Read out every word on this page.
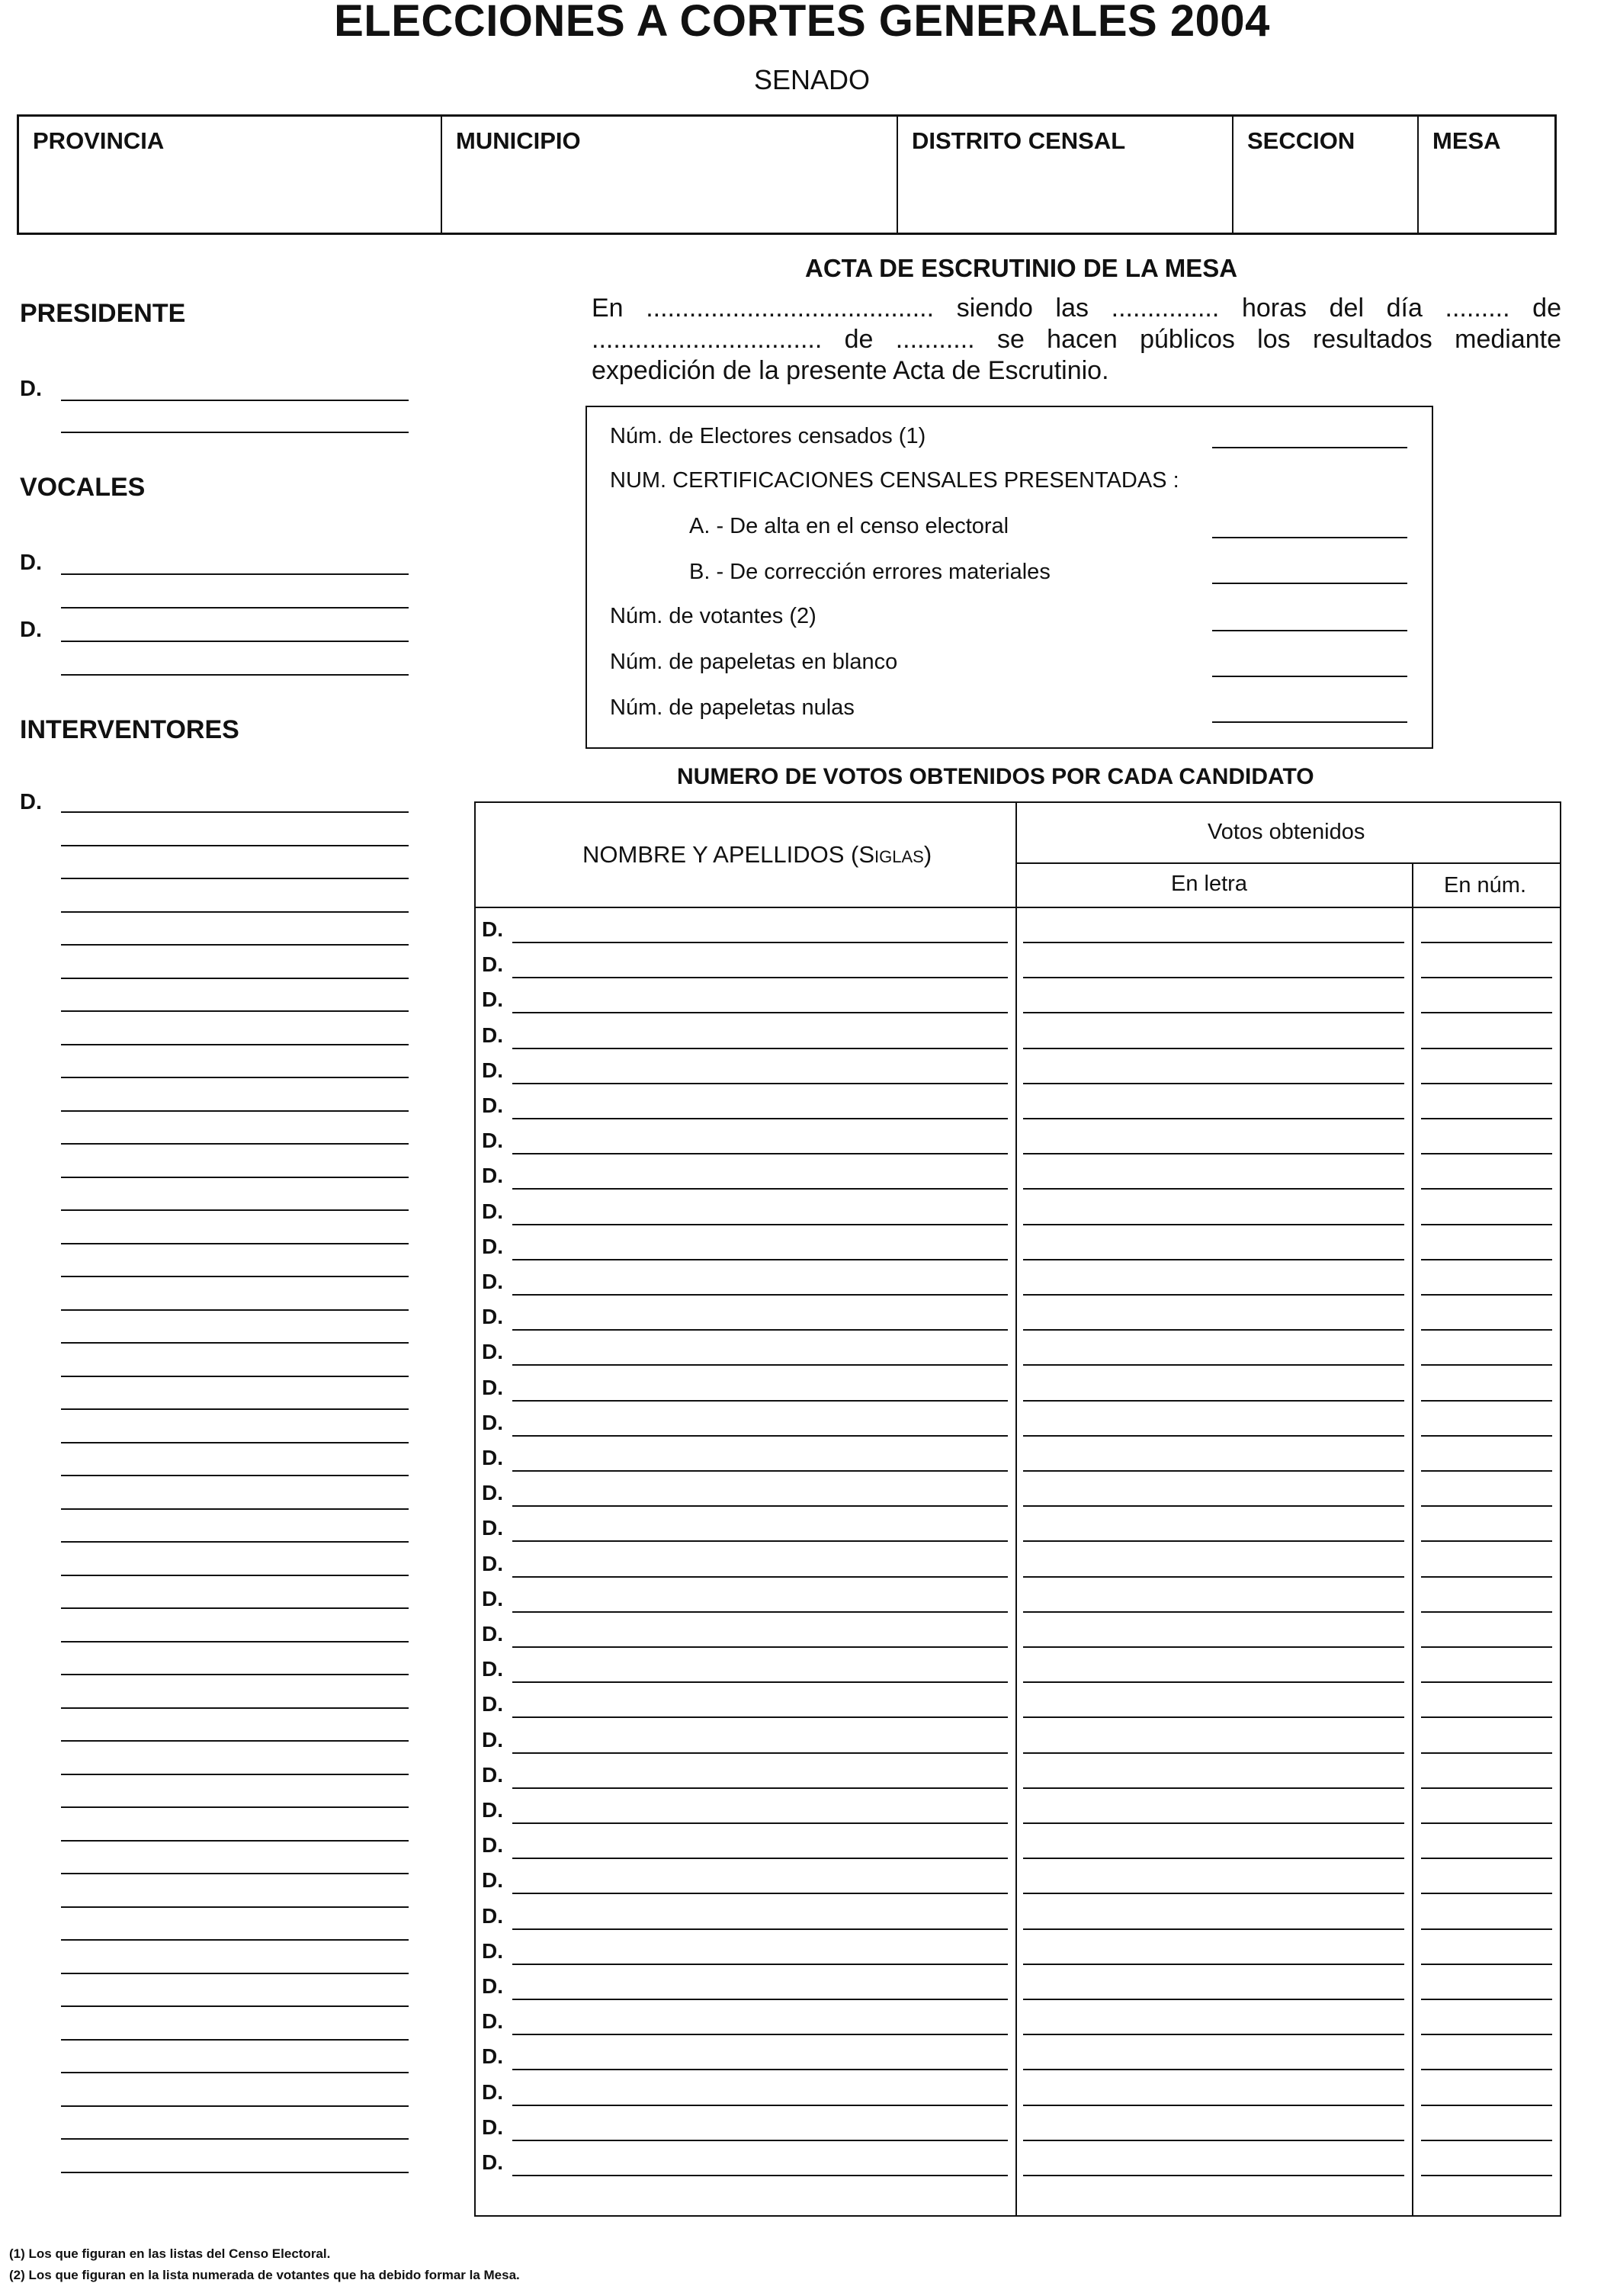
ELECCIONES A CORTES GENERALES 2004
SENADO
PROVINCIA	MUNICIPIO	DISTRITO CENSAL	SECCION	MESA
PRESIDENTE
D.
VOCALES
D.
D.
INTERVENTORES
D.
ACTA DE ESCRUTINIO DE LA MESA
En ........................................ siendo las ............... horas del día ......... de ................................ de ........... se hacen públicos los resultados mediante expedición de la presente Acta de Escrutinio.
Núm. de Electores censados (1)
NUM. CERTIFICACIONES CENSALES PRESENTADAS :
A. - De alta en el censo electoral
B. - De corrección errores materiales
Núm. de votantes (2)
Núm. de papeletas en blanco
Núm. de papeletas nulas
NUMERO DE VOTOS OBTENIDOS POR CADA CANDIDATO
NOMBRE Y APELLIDOS (Siglas)
Votos obtenidos
En letra	En núm.
D.
D.
D.
D.
D.
D.
D.
D.
D.
D.
D.
D.
D.
D.
D.
D.
D.
D.
D.
D.
D.
D.
D.
D.
D.
D.
D.
D.
D.
D.
D.
D.
D.
D.
D.
D.
(1) Los que figuran en las listas del Censo Electoral.
(2) Los que figuran en la lista numerada de votantes que ha debido formar la Mesa.
